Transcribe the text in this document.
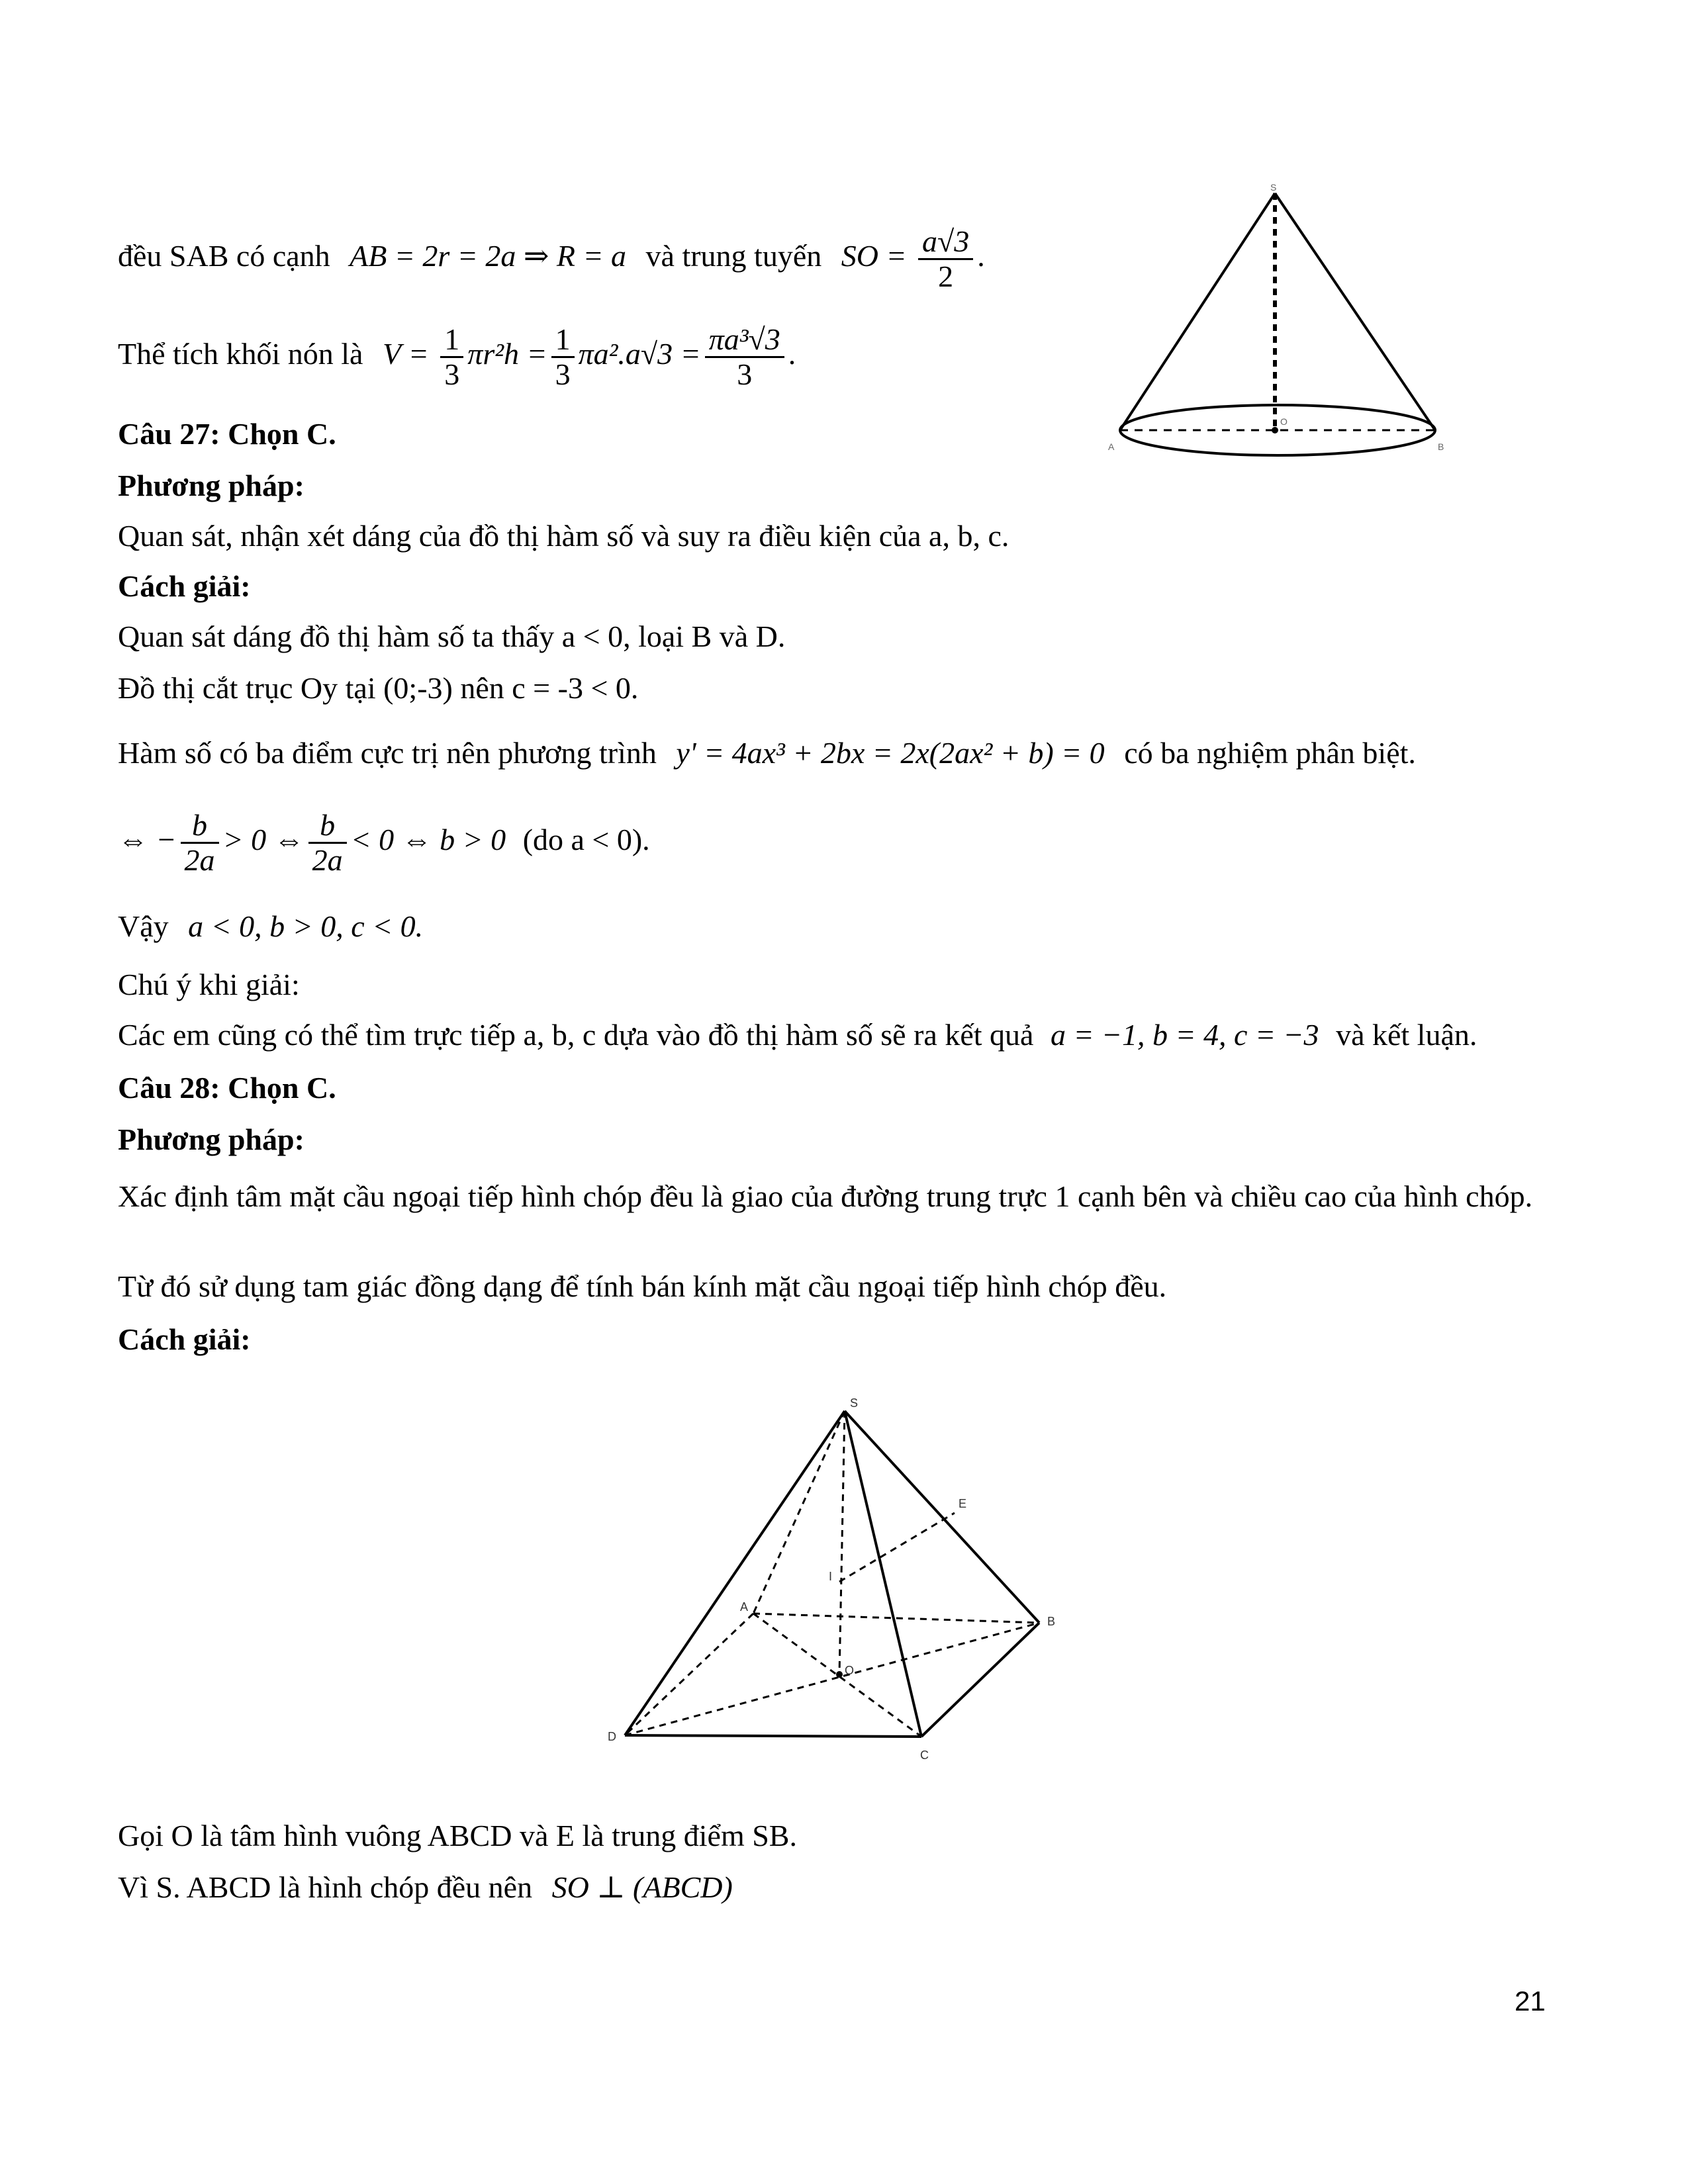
đều SAB có cạnh AB = 2r = 2a ⇒ R = a và trung tuyến SO = $\frac{a√3}{2}$ .
Thể tích khối nón là $V = \frac{1}{3} \pi r^2h = \frac{1}{3} \pi a^2.a√3 = \frac{\text{πa³√3}}{3}$ .
Câu 27: Chọn C.
Phương pháp:
Quan sát, nhận xét dáng của đồ thị hàm số và suy ra điều kiện của a, b, c.
Cách giải:
Quan sát dáng đồ thị hàm số ta thấy a < 0, loại B và D.
Đồ thị cắt trục Oy tại (0;-3) nên c = -3 < 0.
Hàm số có ba điểm cực trị nên phương trình y' = 4ax³ + 2bx = 2x(2ax² + b) = 0 có ba nghiệm phân biệt.
⇔ − $\frac{b}{2a} > 0$ ⇔ $\frac{b}{2a} < 0$ ⇔ b > 0 (do a < 0).
Vậy a < 0, b > 0, c < 0.
Chú ý khi giải:
Các em cũng có thể tìm trực tiếp a, b, c dựa vào đồ thị hàm số sẽ ra kết quả a = −1, b = 4, c = −3 và kết luận.
Câu 28: Chọn C.
Phương pháp:
Xác định tâm mặt cầu ngoại tiếp hình chóp đều là giao của đường trung trực 1 cạnh bên và chiều cao của hình chóp.
Từ đó sử dụng tam giác đồng dạng để tính bán kính mặt cầu ngoại tiếp hình chóp đều.
Cách giải:
Gọi O là tâm hình vuông ABCD và E là trung điểm SB.
Vì S. ABCD là hình chóp đều nên SO ⊥ (ABCD)
S
A	B
O
S
E
I
A
B
O
D
C
21
